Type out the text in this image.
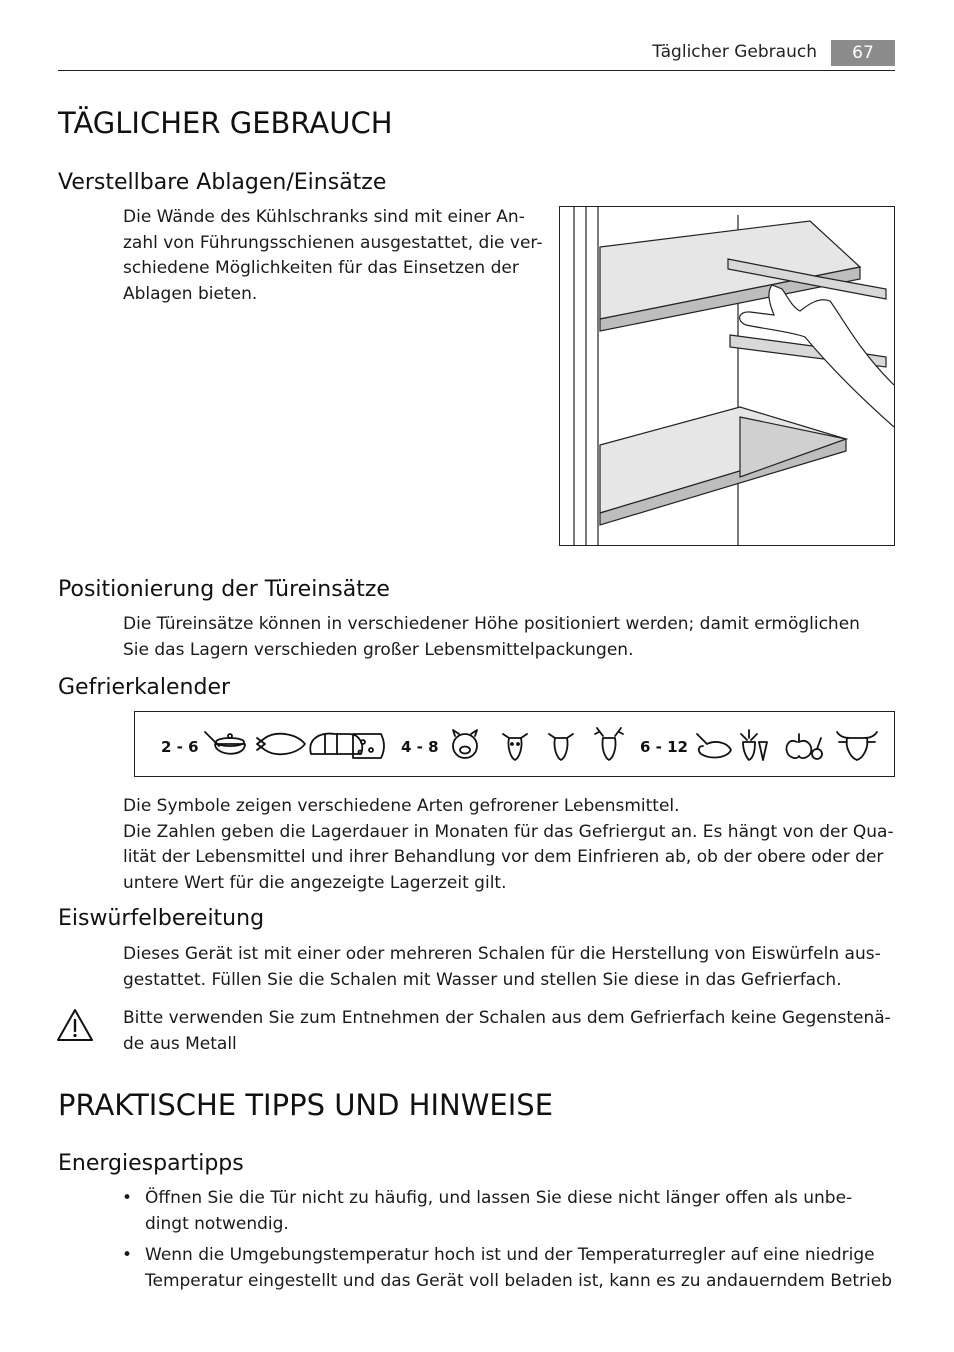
Täglicher Gebrauch	67
TÄGLICHER GEBRAUCH
Verstellbare Ablagen/Einsätze
Die Wände des Kühlschranks sind mit einer An-
zahl von Führungsschienen ausgestattet, die ver-
schiedene Möglichkeiten für das Einsetzen der
Ablagen bieten.
Positionierung der Türeinsätze
Die Türeinsätze können in verschiedener Höhe positioniert werden; damit ermöglichen
Sie das Lagern verschieden großer Lebensmittelpackungen.
Gefrierkalender
2 - 6	4 - 8	6 - 12
Die Symbole zeigen verschiedene Arten gefrorener Lebensmittel.
Die Zahlen geben die Lagerdauer in Monaten für das Gefriergut an. Es hängt von der Qua-
lität der Lebensmittel und ihrer Behandlung vor dem Einfrieren ab, ob der obere oder der
untere Wert für die angezeigte Lagerzeit gilt.
Eiswürfelbereitung
Dieses Gerät ist mit einer oder mehreren Schalen für die Herstellung von Eiswürfeln aus-
gestattet. Füllen Sie die Schalen mit Wasser und stellen Sie diese in das Gefrierfach.
Bitte verwenden Sie zum Entnehmen der Schalen aus dem Gefrierfach keine Gegenstenä-
de aus Metall
PRAKTISCHE TIPPS UND HINWEISE
Energiespartipps
• Öffnen Sie die Tür nicht zu häufig, und lassen Sie diese nicht länger offen als unbe-
dingt notwendig.
• Wenn die Umgebungstemperatur hoch ist und der Temperaturregler auf eine niedrige
Temperatur eingestellt und das Gerät voll beladen ist, kann es zu andauerndem Betrieb
